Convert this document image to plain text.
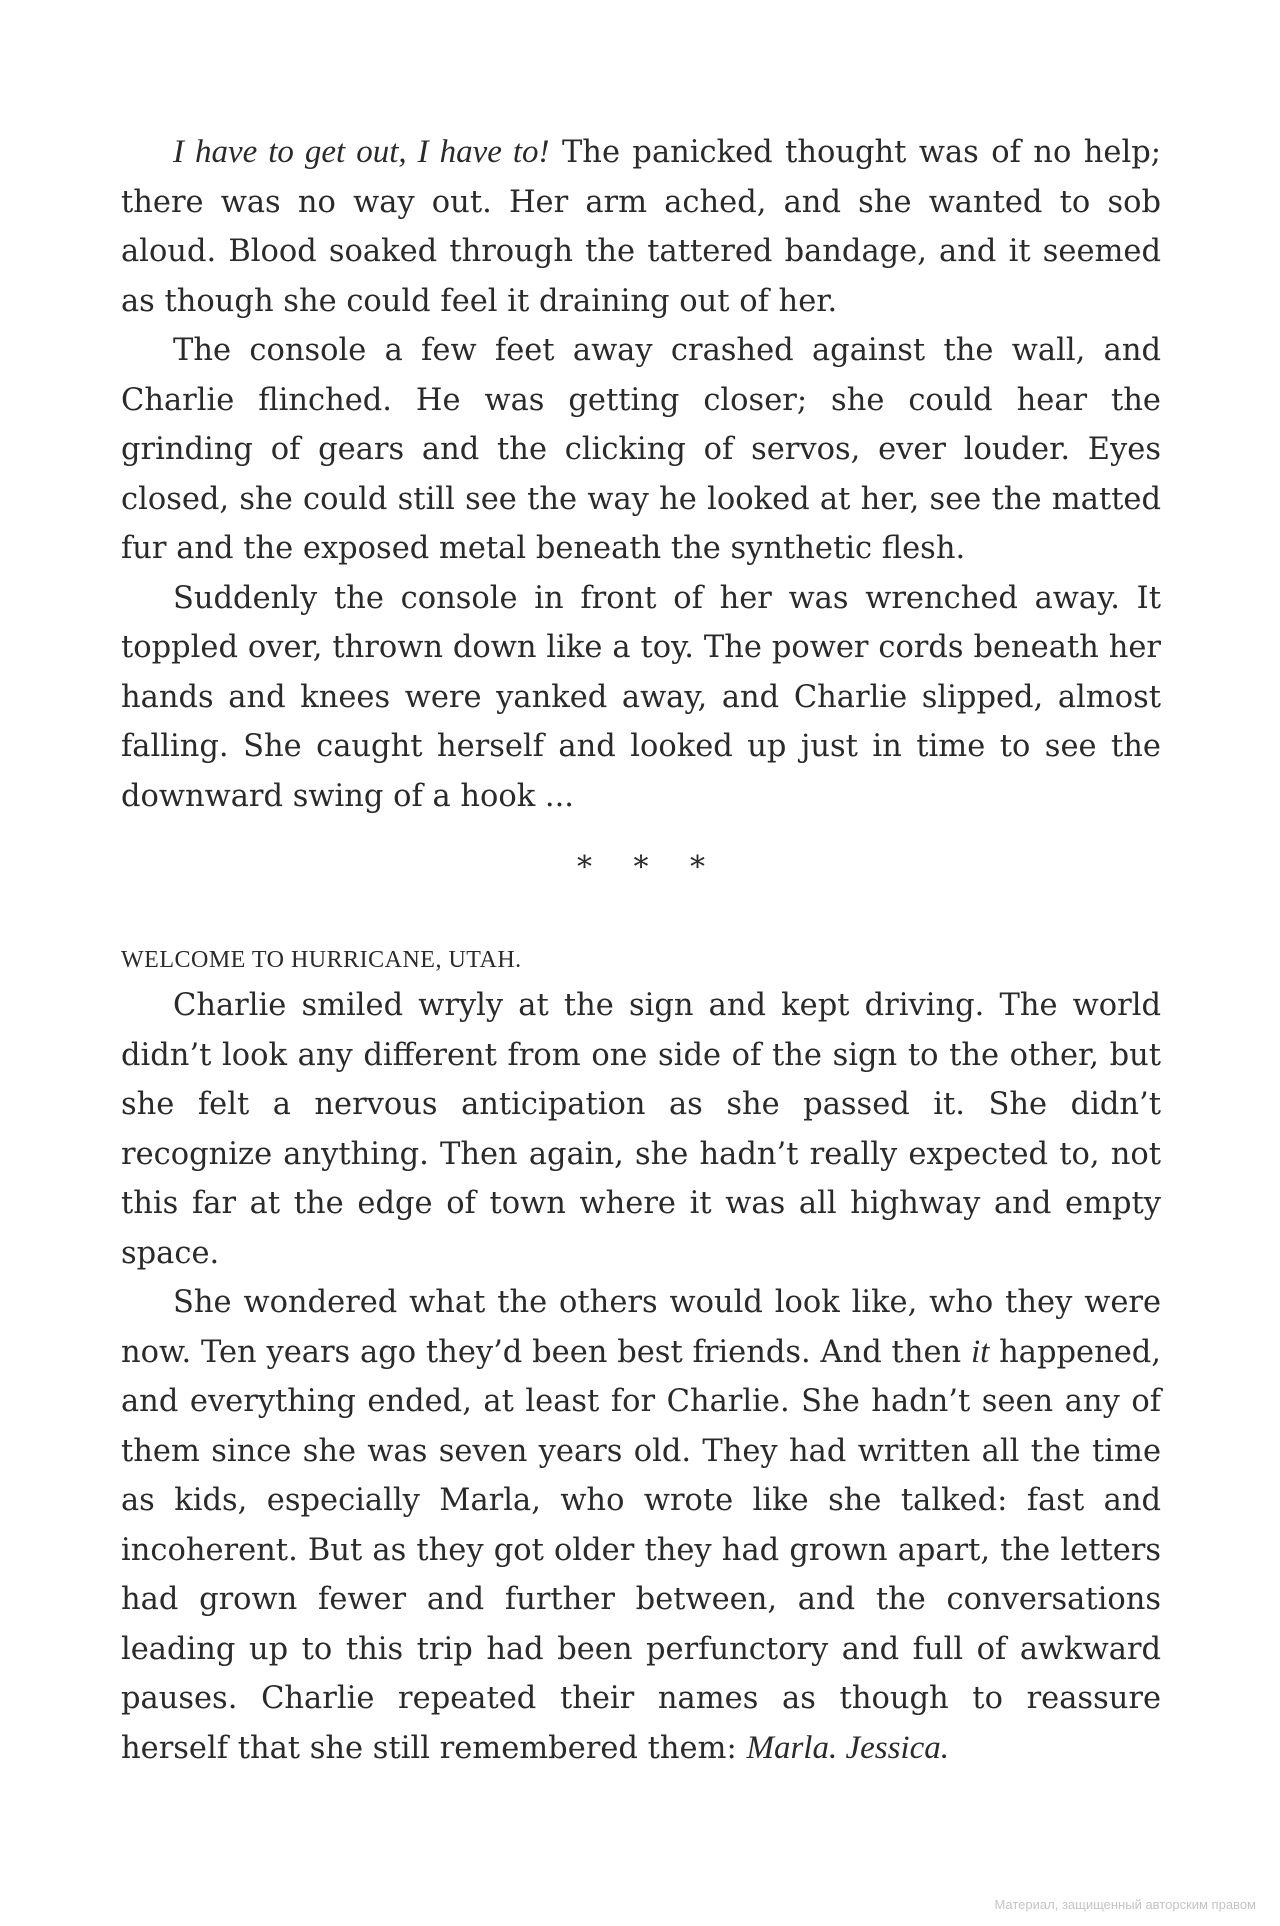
I have to get out, I have to! The panicked thought was of no help; there was no way out. Her arm ached, and she wanted to sob aloud. Blood soaked through the tattered bandage, and it seemed as though she could feel it draining out of her.

The console a few feet away crashed against the wall, and Charlie flinched. He was getting closer; she could hear the grinding of gears and the clicking of servos, ever louder. Eyes closed, she could still see the way he looked at her, see the matted fur and the exposed metal beneath the synthetic flesh.

Suddenly the console in front of her was wrenched away. It toppled over, thrown down like a toy. The power cords beneath her hands and knees were yanked away, and Charlie slipped, almost falling. She caught herself and looked up just in time to see the downward swing of a hook ...

* * *

WELCOME TO HURRICANE, UTAH.

Charlie smiled wryly at the sign and kept driving. The world didn’t look any different from one side of the sign to the other, but she felt a nervous anticipation as she passed it. She didn’t recognize anything. Then again, she hadn’t really expected to, not this far at the edge of town where it was all highway and empty space.

She wondered what the others would look like, who they were now. Ten years ago they’d been best friends. And then it happened, and everything ended, at least for Charlie. She hadn’t seen any of them since she was seven years old. They had written all the time as kids, especially Marla, who wrote like she talked: fast and incoherent. But as they got older they had grown apart, the letters had grown fewer and further between, and the conversations leading up to this trip had been perfunctory and full of awkward pauses. Charlie repeated their names as though to reassure herself that she still remembered them: Marla. Jessica.

Материал, защищенный авторским правом
